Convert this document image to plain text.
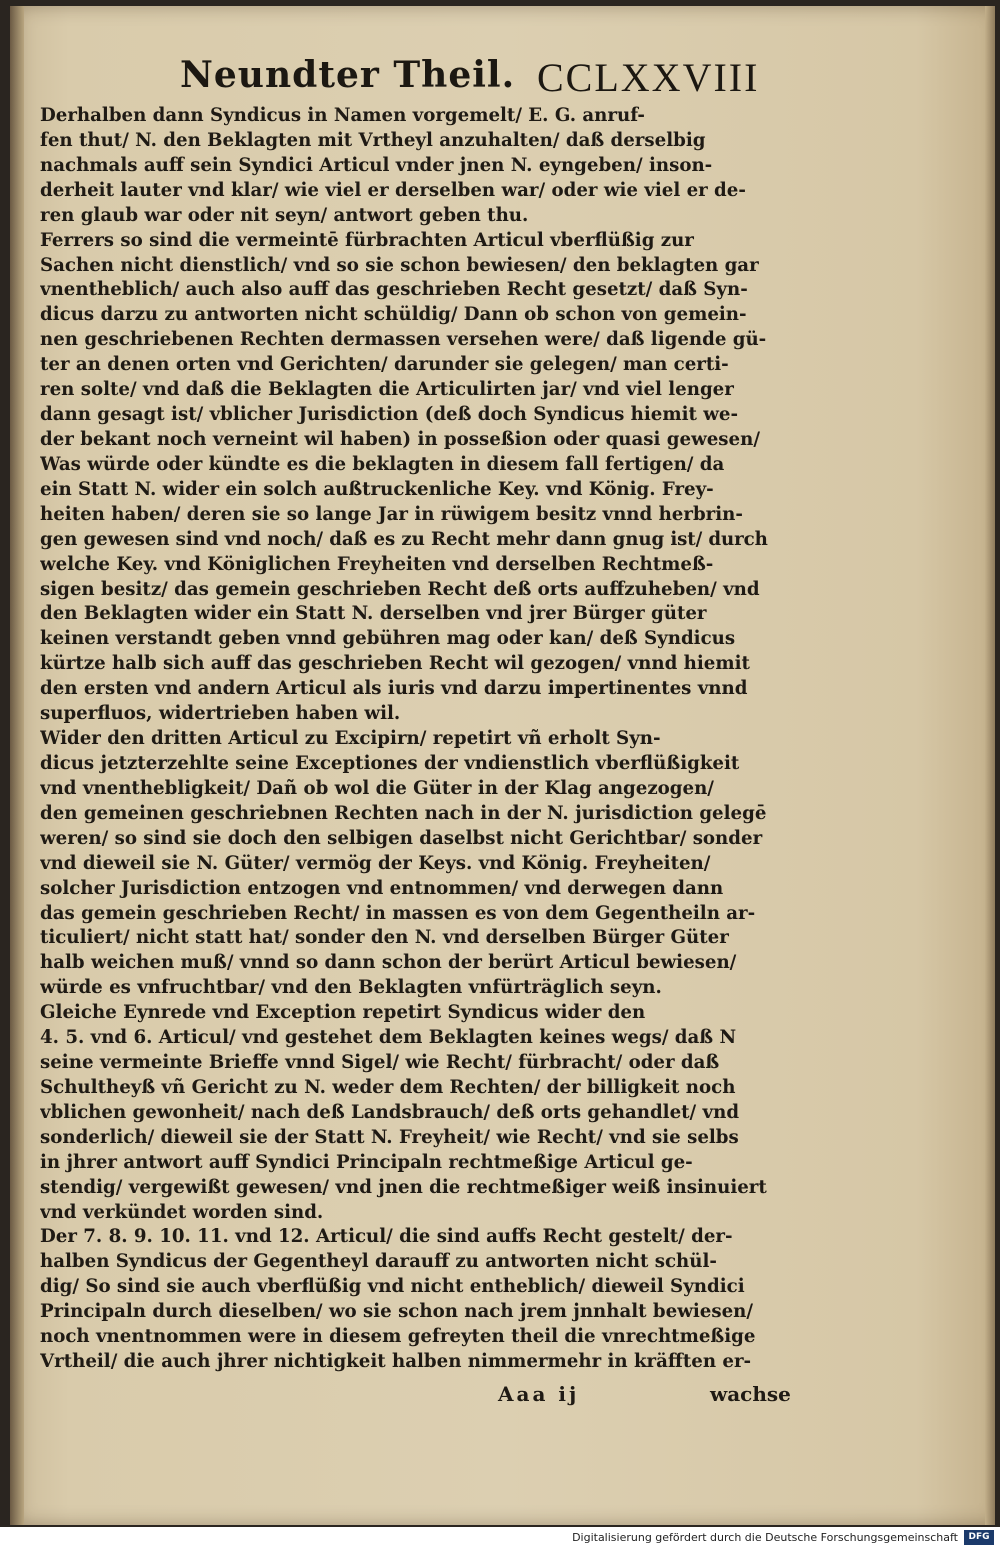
Neundter Theil. CCLXXVIII
Derhalben dann Syndicus in Namen vorgemelt/ E. G. anruf-
fen thut/ N. den Beklagten mit Vrtheyl anzuhalten/ daß derselbig
nachmals auff sein Syndici Articul vnder jnen N. eyngeben/ inson-
derheit lauter vnd klar/ wie viel er derselben war/ oder wie viel er de-
ren glaub war oder nit seyn/ antwort geben thu.
Ferrers so sind die vermeintē fürbrachten Articul vberflüßig zur
Sachen nicht dienstlich/ vnd so sie schon bewiesen/ den beklagten gar
vnentheblich/ auch also auff das geschrieben Recht gesetzt/ daß Syn-
dicus darzu zu antworten nicht schüldig/ Dann ob schon von gemein-
nen geschriebenen Rechten dermassen versehen were/ daß ligende gü-
ter an denen orten vnd Gerichten/ darunder sie gelegen/ man certi-
ren solte/ vnd daß die Beklagten die Articulirten jar/ vnd viel lenger
dann gesagt ist/ vblicher Jurisdiction (deß doch Syndicus hiemit we-
der bekant noch verneint wil haben) in posseßion oder quasi gewesen/
Was würde oder kündte es die beklagten in diesem fall fertigen/ da
ein Statt N. wider ein solch außtruckenliche Key. vnd König. Frey-
heiten haben/ deren sie so lange Jar in rüwigem besitz vnnd herbrin-
gen gewesen sind vnd noch/ daß es zu Recht mehr dann gnug ist/ durch
welche Key. vnd Königlichen Freyheiten vnd derselben Rechtmeß-
sigen besitz/ das gemein geschrieben Recht deß orts auffzuheben/ vnd
den Beklagten wider ein Statt N. derselben vnd jrer Bürger güter
keinen verstandt geben vnnd gebühren mag oder kan/ deß Syndicus
kürtze halb sich auff das geschrieben Recht wil gezogen/ vnnd hiemit
den ersten vnd andern Articul als iuris vnd darzu impertinentes vnnd
superfluos, widertrieben haben wil.
Wider den dritten Articul zu Excipirn/ repetirt vñ erholt Syn-
dicus jetzterzehlte seine Exceptiones der vndienstlich vberflüßigkeit
vnd vnenthebligkeit/ Dañ ob wol die Güter in der Klag angezogen/
den gemeinen geschriebnen Rechten nach in der N. jurisdiction gelegē
weren/ so sind sie doch den selbigen daselbst nicht Gerichtbar/ sonder
vnd dieweil sie N. Güter/ vermög der Keys. vnd König. Freyheiten/
solcher Jurisdiction entzogen vnd entnommen/ vnd derwegen dann
das gemein geschrieben Recht/ in massen es von dem Gegentheiln ar-
ticuliert/ nicht statt hat/ sonder den N. vnd derselben Bürger Güter
halb weichen muß/ vnnd so dann schon der berürt Articul bewiesen/
würde es vnfruchtbar/ vnd den Beklagten vnfürträglich seyn.
Gleiche Eynrede vnd Exception repetirt Syndicus wider den
4. 5. vnd 6. Articul/ vnd gestehet dem Beklagten keines wegs/ daß N
seine vermeinte Brieffe vnnd Sigel/ wie Recht/ fürbracht/ oder daß
Schultheyß vñ Gericht zu N. weder dem Rechten/ der billigkeit noch
vblichen gewonheit/ nach deß Landsbrauch/ deß orts gehandlet/ vnd
sonderlich/ dieweil sie der Statt N. Freyheit/ wie Recht/ vnd sie selbs
in jhrer antwort auff Syndici Principaln rechtmeßige Articul ge-
stendig/ vergewißt gewesen/ vnd jnen die rechtmeßiger weiß insinuiert
vnd verkündet worden sind.
Der 7. 8. 9. 10. 11. vnd 12. Articul/ die sind auffs Recht gestelt/ der-
halben Syndicus der Gegentheyl darauff zu antworten nicht schül-
dig/ So sind sie auch vberflüßig vnd nicht entheblich/ dieweil Syndici
Principaln durch dieselben/ wo sie schon nach jrem jnnhalt bewiesen/
noch vnentnommen were in diesem gefreyten theil die vnrechtmeßige
Vrtheil/ die auch jhrer nichtigkeit halben nimmermehr in kräfften er-
Aaa ij	wachse
Digitalisierung gefördert durch die Deutsche Forschungsgemeinschaft	DFG
